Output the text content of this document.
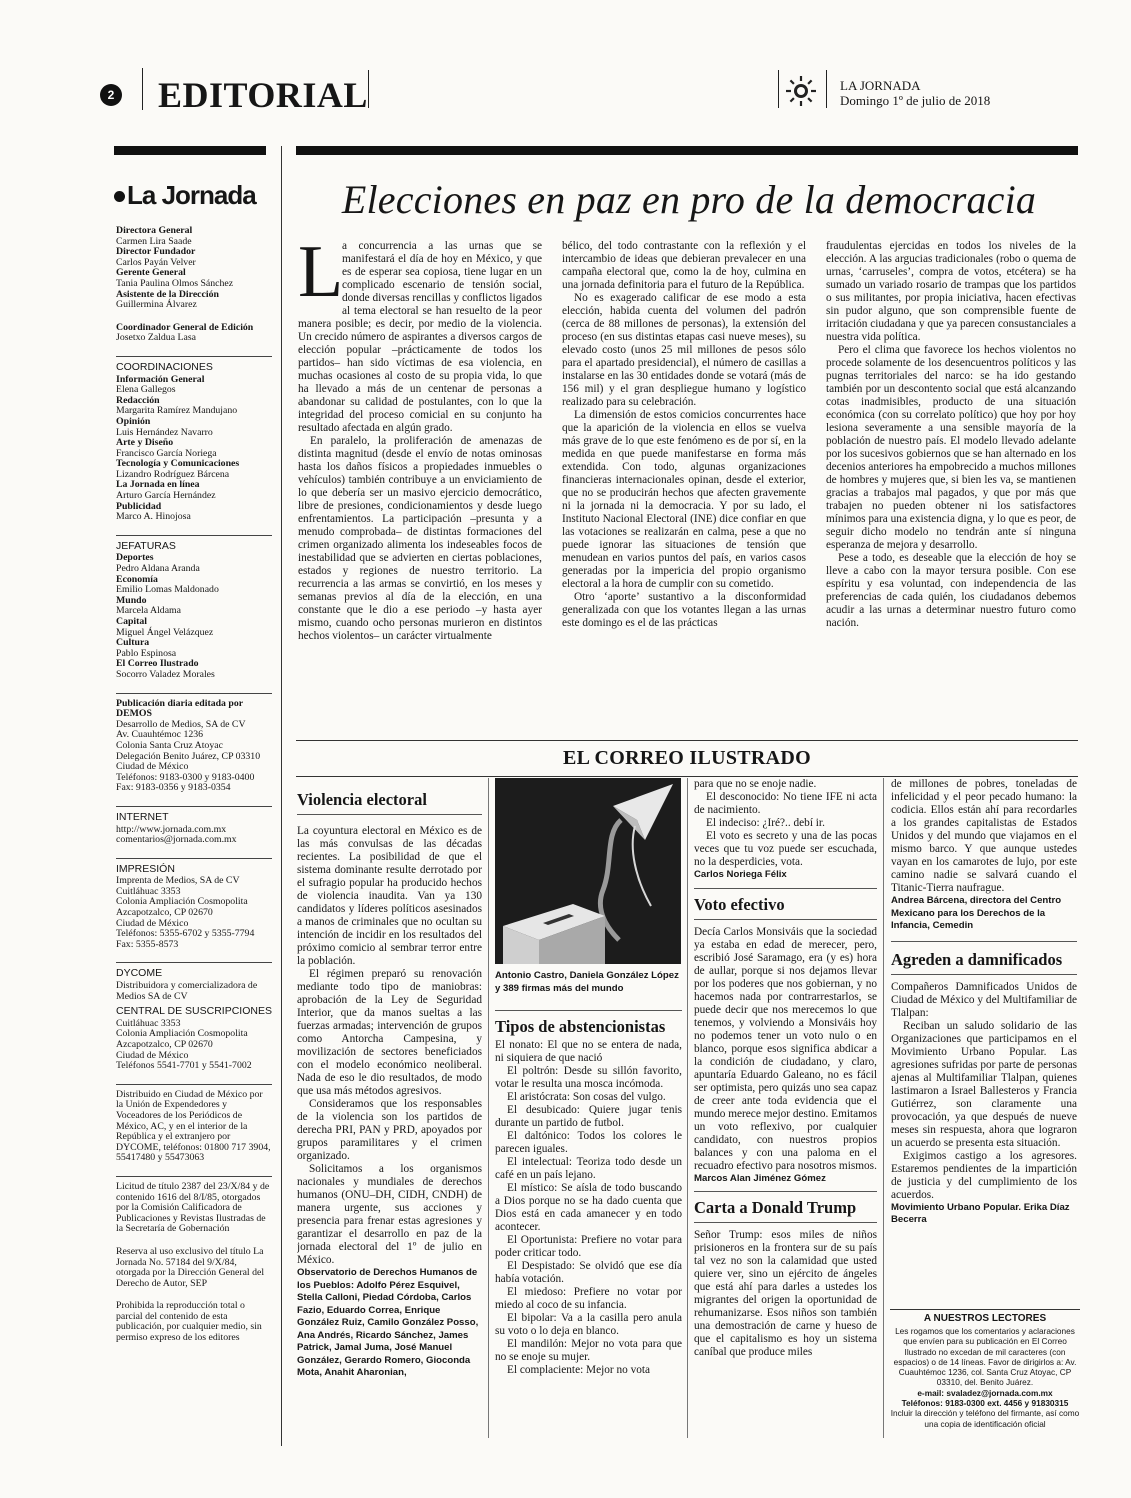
2 EDITORIAL	LA JORNADA
Domingo 1º de julio de 2018
La Jornada
Directora General
Carmen Lira Saade
Director Fundador
Carlos Payán Velver
Gerente General
Tania Paulina Olmos Sánchez
Asistente de la Dirección
Guillermina Álvarez
Coordinador General de Edición
Josetxo Zaldua Lasa
COORDINACIONES
Información General
Elena Gallegos
Redacción
Margarita Ramírez Mandujano
Opinión
Luis Hernández Navarro
Arte y Diseño
Francisco García Noriega
Tecnología y Comunicaciones
Lizandro Rodríguez Bárcena
La Jornada en línea
Arturo García Hernández
Publicidad
Marco A. Hinojosa
JEFATURAS
Deportes
Pedro Aldana Aranda
Economía
Emilio Lomas Maldonado
Mundo
Marcela Aldama
Capital
Miguel Ángel Velázquez
Cultura
Pablo Espinosa
El Correo Ilustrado
Socorro Valadez Morales
Publicación diaria editada por DEMOS
Desarrollo de Medios, SA de CV
Av. Cuauhtémoc 1236
Colonia Santa Cruz Atoyac
Delegación Benito Juárez, CP 03310
Ciudad de México
Teléfonos: 9183-0300 y 9183-0400
Fax: 9183-0356 y 9183-0354
INTERNET
http://www.jornada.com.mx
comentarios@jornada.com.mx
IMPRESIÓN
Imprenta de Medios, SA de CV
Cuitláhuac 3353
Colonia Ampliación Cosmopolita
Azcapotzalco, CP 02670
Ciudad de México
Teléfonos: 5355-6702 y 5355-7794
Fax: 5355-8573
DYCOME
Distribuidora y comercializadora de Medios SA de CV
CENTRAL DE SUSCRIPCIONES
Cuitláhuac 3353
Colonia Ampliación Cosmopolita
Azcapotzalco, CP 02670
Ciudad de México
Teléfonos 5541-7701 y 5541-7002
Distribuido en Ciudad de México por la Unión de Expendedores y Voceadores de los Periódicos de México, AC, y en el interior de la República y el extranjero por DYCOME, teléfonos: 01800 717 3904, 55417480 y 55473063
Licitud de título 2387 del 23/X/84 y de contenido 1616 del 8/I/85, otorgados por la Comisión Calificadora de Publicaciones y Revistas Ilustradas de la Secretaría de Gobernación
Reserva al uso exclusivo del título La Jornada No. 57184 del 9/X/84, otorgada por la Dirección General del Derecho de Autor, SEP
Prohibida la reproducción total o parcial del contenido de esta publicación, por cualquier medio, sin permiso expreso de los editores
Elecciones en paz en pro de la democracia

L
a concurrencia a las urnas que se manifestará el día de hoy en México, y que es de esperar sea copiosa, tiene lugar en un complicado escenario de tensión social, donde diversas rencillas y conflictos ligados al tema electoral se han resuelto de la peor manera posible; es decir, por medio de la violencia. Un crecido número de aspirantes a diversos cargos de elección popular –prácticamente de todos los partidos– han sido víctimas de esa violencia, en muchas ocasiones al costo de su propia vida, lo que ha llevado a más de un centenar de personas a abandonar su calidad de postulantes, con lo que la integridad del proceso comicial en su conjunto ha resultado afectada en algún grado.

En paralelo, la proliferación de amenazas de distinta magnitud (desde el envío de notas ominosas hasta los daños físicos a propiedades inmuebles o vehículos) también contribuye a un enviciamiento de lo que debería ser un masivo ejercicio democrático, libre de presiones, condicionamientos y desde luego enfrentamientos. La participación –presunta y a menudo comprobada– de distintas formaciones del crimen organizado alimenta los indeseables focos de inestabilidad que se advierten en ciertas poblaciones, estados y regiones de nuestro territorio. La recurrencia a las armas se convirtió, en los meses y semanas previos al día de la elección, en una constante que le dio a ese periodo –y hasta ayer mismo, cuando ocho personas murieron en distintos hechos violentos– un carácter virtualmente

bélico, del todo contrastante con la reflexión y el intercambio de ideas que debieran prevalecer en una campaña electoral que, como la de hoy, culmina en una jornada definitoria para el futuro de la República.

No es exagerado calificar de ese modo a esta elección, habida cuenta del volumen del padrón (cerca de 88 millones de personas), la extensión del proceso (en sus distintas etapas casi nueve meses), su elevado costo (unos 25 mil millones de pesos sólo para el apartado presidencial), el número de casillas a instalarse en las 30 entidades donde se votará (más de 156 mil) y el gran despliegue humano y logístico realizado para su celebración.

La dimensión de estos comicios concurrentes hace que la aparición de la violencia en ellos se vuelva más grave de lo que este fenómeno es de por sí, en la medida en que puede manifestarse en forma más extendida. Con todo, algunas organizaciones financieras internacionales opinan, desde el exterior, que no se producirán hechos que afecten gravemente ni la jornada ni la democracia. Y por su lado, el Instituto Nacional Electoral (INE) dice confiar en que las votaciones se realizarán en calma, pese a que no puede ignorar las situaciones de tensión que menudean en varios puntos del país, en varios casos generadas por la impericia del propio organismo electoral a la hora de cumplir con su cometido.

Otro ‘aporte’ sustantivo a la disconformidad generalizada con que los votantes llegan a las urnas este domingo es el de las prácticas

fraudulentas ejercidas en todos los niveles de la elección. A las argucias tradicionales (robo o quema de urnas, ‘carruseles’, compra de votos, etcétera) se ha sumado un variado rosario de trampas que los partidos o sus militantes, por propia iniciativa, hacen efectivas sin pudor alguno, que son comprensible fuente de irritación ciudadana y que ya parecen consustanciales a nuestra vida política.

Pero el clima que favorece los hechos violentos no procede solamente de los desencuentros políticos y las pugnas territoriales del narco: se ha ido gestando también por un descontento social que está alcanzando cotas inadmisibles, producto de una situación económica (con su correlato político) que hoy por hoy lesiona severamente a una sensible mayoría de la población de nuestro país. El modelo llevado adelante por los sucesivos gobiernos que se han alternado en los decenios anteriores ha empobrecido a muchos millones de hombres y mujeres que, si bien les va, se mantienen gracias a trabajos mal pagados, y que por más que trabajen no pueden obtener ni los satisfactores mínimos para una existencia digna, y lo que es peor, de seguir dicho modelo no tendrán ante sí ninguna esperanza de mejora y desarrollo.

Pese a todo, es deseable que la elección de hoy se lleve a cabo con la mayor tersura posible. Con ese espíritu y esa voluntad, con independencia de las preferencias de cada quién, los ciudadanos debemos acudir a las urnas a determinar nuestro futuro como nación.

EL CORREO ILUSTRADO
Violencia electoral

La coyuntura electoral en México es de las más convulsas de las décadas recientes. La posibilidad de que el sistema dominante resulte derrotado por el sufragio popular ha producido hechos de violencia inaudita. Van ya 130 candidatos y líderes políticos asesinados a manos de criminales que no ocultan su intención de incidir en los resultados del próximo comicio al sembrar terror entre la población.

El régimen preparó su renovación mediante todo tipo de maniobras: aprobación de la Ley de Seguridad Interior, que da manos sueltas a las fuerzas armadas; intervención de grupos como Antorcha Campesina, y movilización de sectores beneficiados con el modelo económico neoliberal. Nada de eso le dio resultados, de modo que usa más métodos agresivos.

Consideramos que los responsables de la violencia son los partidos de derecha PRI, PAN y PRD, apoyados por grupos paramilitares y el crimen organizado.

Solicitamos a los organismos nacionales y mundiales de derechos humanos (ONU–DH, CIDH, CNDH) de manera urgente, sus acciones y presencia para frenar estas agresiones y garantizar el desarrollo en paz de la jornada electoral del 1º de julio en México.

Observatorio de Derechos Humanos de los Pueblos: Adolfo Pérez Esquivel, Stella Calloni, Piedad Córdoba, Carlos Fazio, Eduardo Correa, Enrique González Ruiz, Camilo González Posso, Ana Andrés, Ricardo Sánchez, James Patrick, Jamal Juma, José Manuel González, Gerardo Romero, Gioconda Mota, Anahit Aharonian,

Antonio Castro, Daniela González López y 389 firmas más del mundo
Tipos de abstencionistas

El nonato: El que no se entera de nada, ni siquiera de que nació

El poltrón: Desde su sillón favorito, votar le resulta una mosca incómoda.

El aristócrata: Son cosas del vulgo.

El desubicado: Quiere jugar tenis durante un partido de futbol.

El daltónico: Todos los colores le parecen iguales.

El intelectual: Teoriza todo desde un café en un país lejano.

El místico: Se aísla de todo buscando a Dios porque no se ha dado cuenta que Dios está en cada amanecer y en todo acontecer.

El Oportunista: Prefiere no votar para poder criticar todo.

El Despistado: Se olvidó que ese día había votación.

El miedoso: Prefiere no votar por miedo al coco de su infancia.

El bipolar: Va a la casilla pero anula su voto o lo deja en blanco.

El mandilón: Mejor no vota para que no se enoje su mujer.

El complaciente: Mejor no vota

para que no se enoje nadie.

El desconocido: No tiene IFE ni acta de nacimiento.

El indeciso: ¿Iré?.. debí ir.

El voto es secreto y una de las pocas veces que tu voz puede ser escuchada, no la desperdicies, vota.

Carlos Noriega Félix

Voto efectivo

Decía Carlos Monsiváis que la sociedad ya estaba en edad de merecer, pero, escribió José Saramago, era (y es) hora de aullar, porque si nos dejamos llevar por los poderes que nos gobiernan, y no hacemos nada por contrarrestarlos, se puede decir que nos merecemos lo que tenemos, y volviendo a Monsiváis hoy no podemos tener un voto nulo o en blanco, porque esos significa abdicar a la condición de ciudadano, y claro, apuntaría Eduardo Galeano, no es fácil ser optimista, pero quizás uno sea capaz de creer ante toda evidencia que el mundo merece mejor destino. Emitamos un voto reflexivo, por cualquier candidato, con nuestros propios balances y con una paloma en el recuadro efectivo para nosotros mismos.

Marcos Alan Jiménez Gómez

Carta a Donald Trump

Señor Trump: esos miles de niños prisioneros en la frontera sur de su país tal vez no son la calamidad que usted quiere ver, sino un ejército de ángeles que está ahí para darles a ustedes los migrantes del origen la oportunidad de rehumanizarse. Esos niños son también una demostración de carne y hueso de que el capitalismo es hoy un sistema caníbal que produce miles

de millones de pobres, toneladas de infelicidad y el peor pecado humano: la codicia. Ellos están ahí para recordarles a los grandes capitalistas de Estados Unidos y del mundo que viajamos en el mismo barco. Y que aunque ustedes vayan en los camarotes de lujo, por este camino nadie se salvará cuando el Titanic-Tierra naufrague.

Andrea Bárcena, directora del Centro Mexicano para los Derechos de la Infancia, Cemedin

Agreden a damnificados

Compañeros Damnificados Unidos de Ciudad de México y del Multifamiliar de Tlalpan:

Reciban un saludo solidario de las Organizaciones que participamos en el Movimiento Urbano Popular. Las agresiones sufridas por parte de personas ajenas al Multifamiliar Tlalpan, quienes lastimaron a Israel Ballesteros y Francia Gutiérrez, son claramente una provocación, ya que después de nueve meses sin respuesta, ahora que lograron un acuerdo se presenta esta situación.

Exigimos castigo a los agresores. Estaremos pendientes de la impartición de justicia y del cumplimiento de los acuerdos.

Movimiento Urbano Popular. Erika Díaz Becerra

A NUESTROS LECTORES
Les rogamos que los comentarios y aclaraciones que envíen para su publicación en El Correo Ilustrado no excedan de mil caracteres (con espacios) o de 14 líneas. Favor de dirigirlos a: Av. Cuauhtémoc 1236, col. Santa Cruz Atoyac, CP 03310, del. Benito Juárez.
e-mail: svaladez@jornada.com.mx
Teléfonos: 9183-0300 ext. 4456 y 91830315
Incluir la dirección y teléfono del firmante, así como una copia de identificación oficial
